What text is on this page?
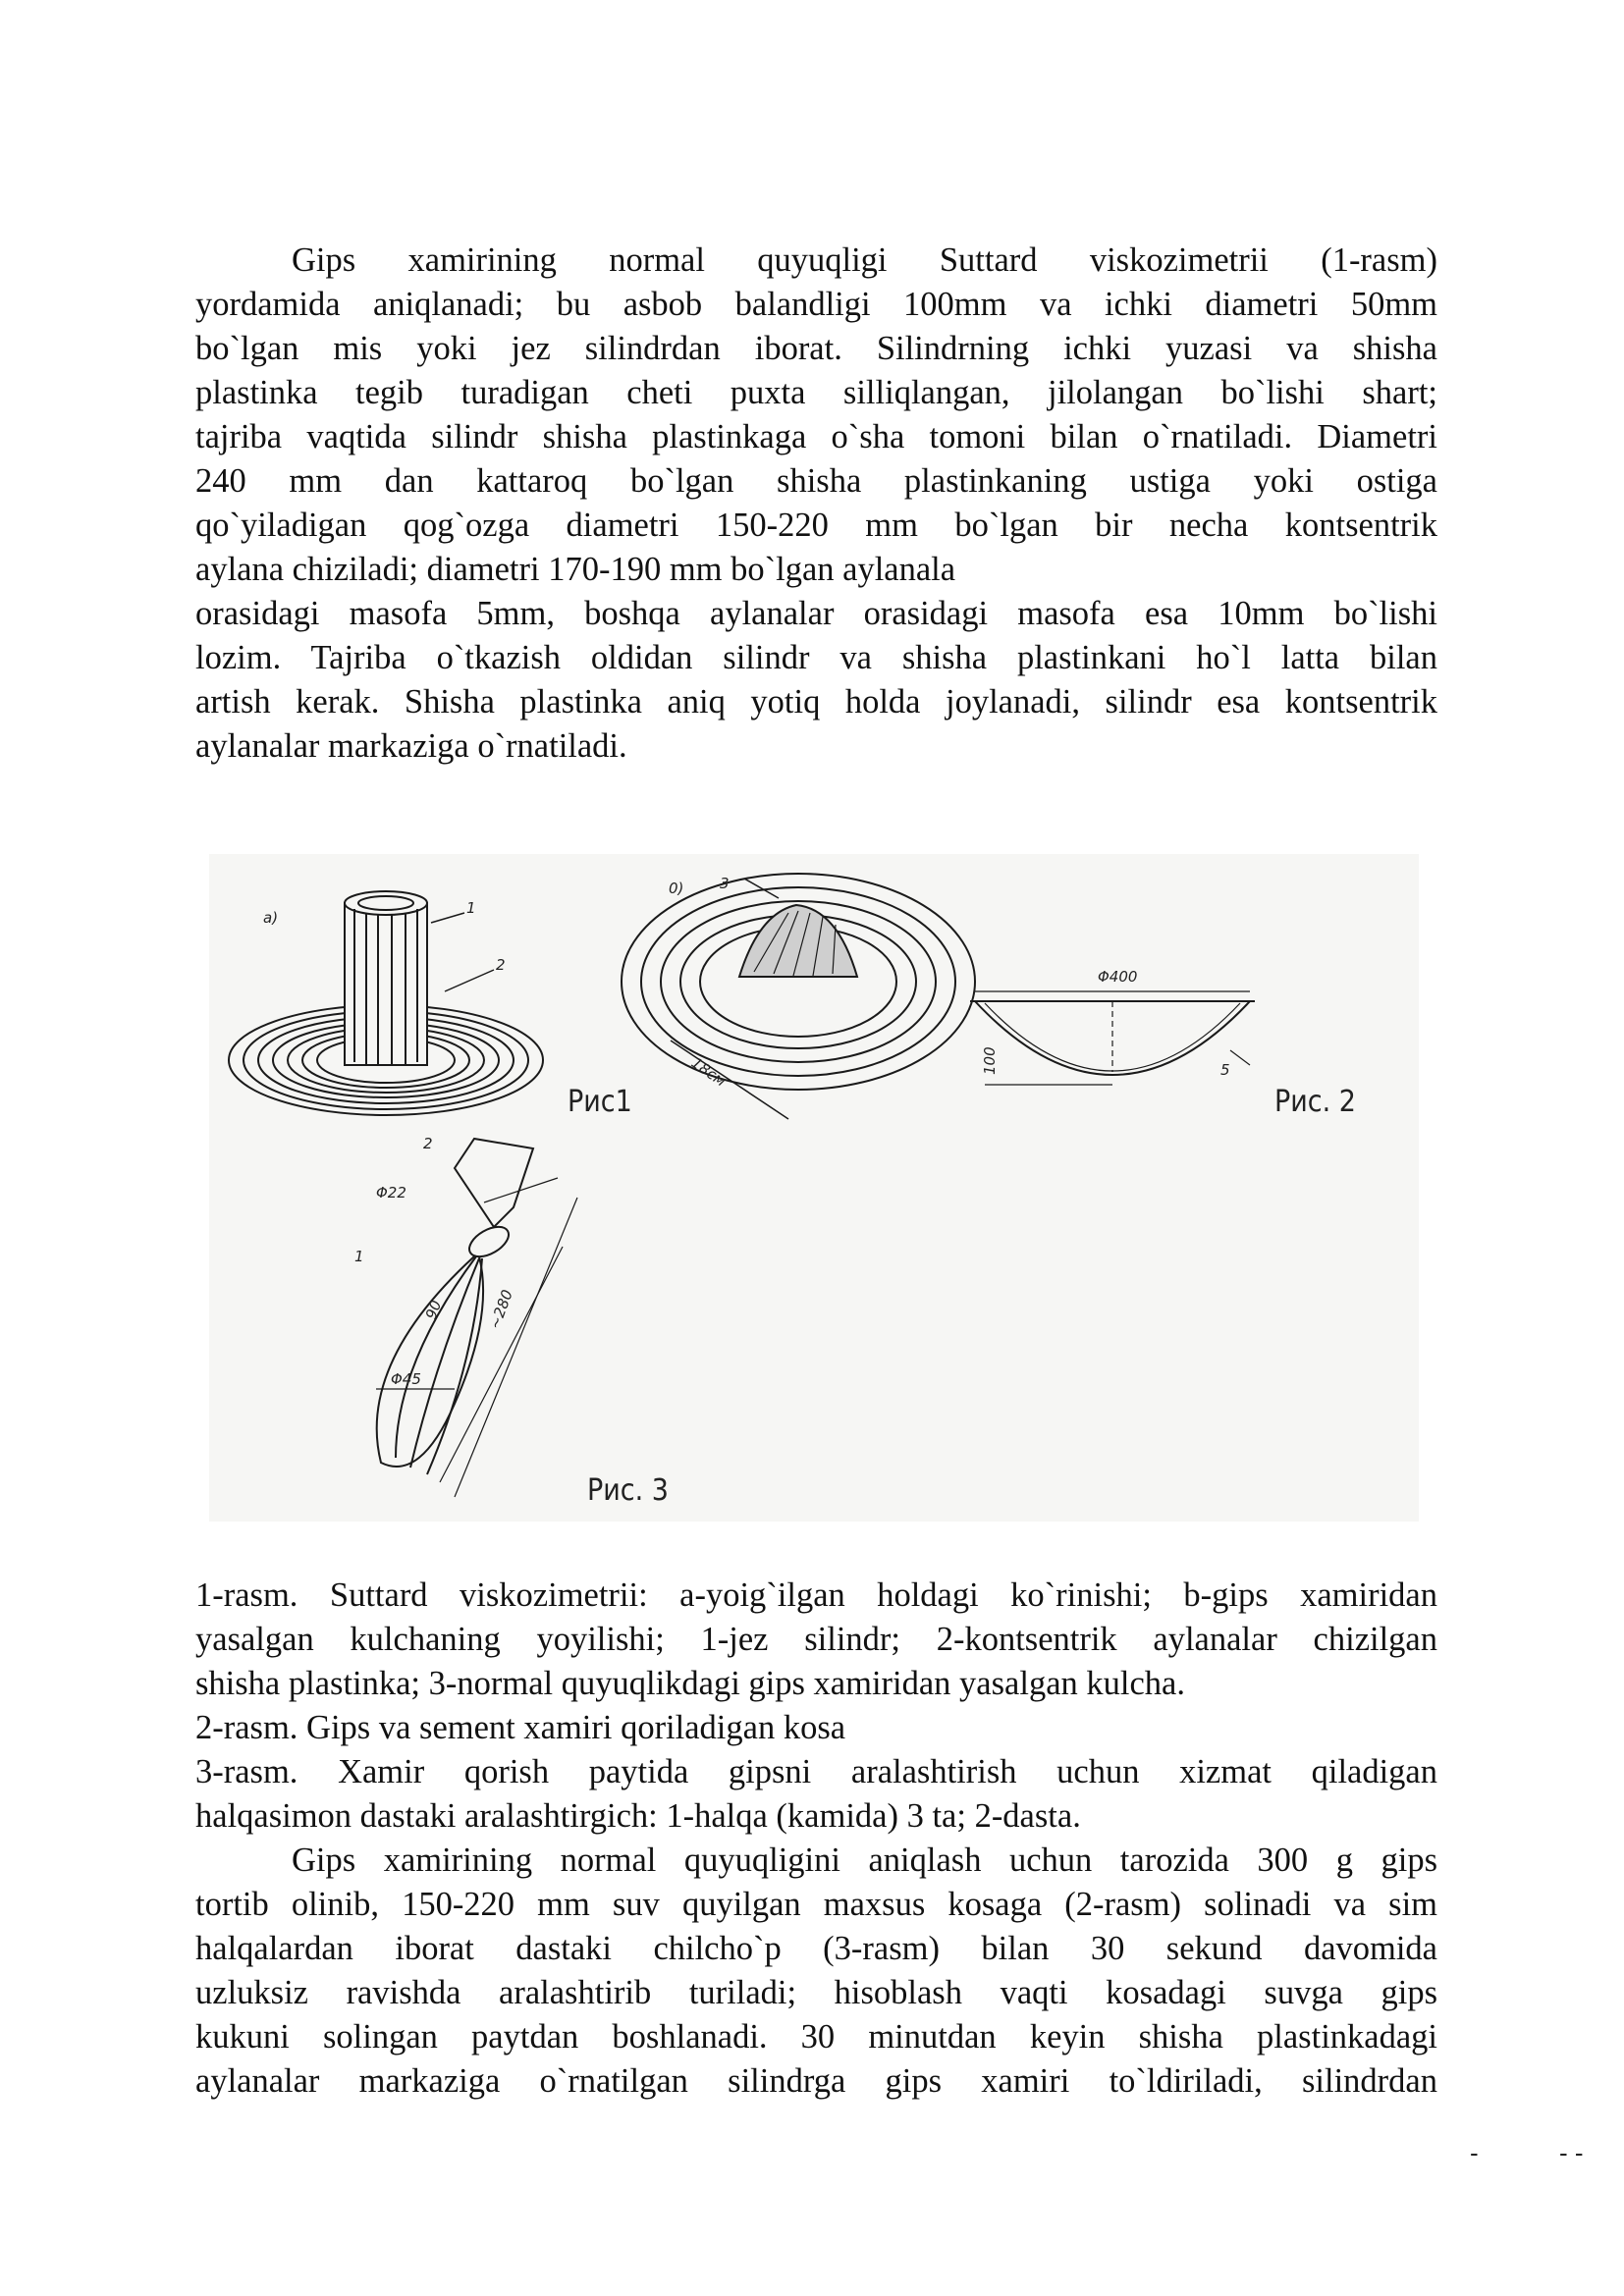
Gips xamirining normal quyuqligi Suttard viskozimetrii (1-rasm)

yordamida aniqlanadi; bu asbob balandligi 100mm va ichki diametri 50mm

bo`lgan mis yoki jez silindrdan iborat. Silindrning ichki yuzasi va shisha

plastinka tegib turadigan cheti puxta silliqlangan, jilolangan bo`lishi shart;

tajriba vaqtida silindr shisha plastinkaga o`sha tomoni bilan o`rnatiladi. Diametri

240 mm dan kattaroq bo`lgan shisha plastinkaning ustiga yoki ostiga

qo`yiladigan qog`ozga diametri 150-220 mm bo`lgan bir necha kontsentrik

aylana chiziladi; diametri 170-190 mm bo`lgan aylanala

orasidagi masofa 5mm, boshqa aylanalar orasidagi masofa esa 10mm bo`lishi

lozim. Tajriba o`tkazish oldidan silindr va shisha plastinkani ho`l latta bilan

artish kerak. Shisha plastinka aniq yotiq holda joylanadi, silindr esa kontsentrik

aylanalar markaziga o`rnatiladi.

a)
1
2
0) 3
18см
Φ400
100	5
Φ22
Φ45
2
1
90	~280
Рис1	Рис. 2
Рис. 3

1-rasm. Suttard viskozimetrii: a-yoig`ilgan holdagi ko`rinishi; b-gips xamiridan

yasalgan kulchaning yoyilishi; 1-jez silindr; 2-kontsentrik aylanalar chizilgan

shisha plastinka; 3-normal quyuqlikdagi gips xamiridan yasalgan kulcha.

2-rasm. Gips va sement xamiri qoriladigan kosa

3-rasm. Xamir qorish paytida gipsni aralashtirish uchun xizmat qiladigan

halqasimon dastaki aralashtirgich: 1-halqa (kamida) 3 ta; 2-dasta.

Gips xamirining normal quyuqligini aniqlash uchun tarozida 300 g gips

tortib olinib, 150-220 mm suv quyilgan maxsus kosaga (2-rasm) solinadi va sim

halqalardan iborat dastaki chilcho`p (3-rasm) bilan 30 sekund davomida

uzluksiz ravishda aralashtirib turiladi; hisoblash vaqti kosadagi suvga gips

kukuni solingan paytdan boshlanadi. 30 minutdan keyin shisha plastinkadagi

aylanalar markaziga o`rnatilgan silindrga gips xamiri to`ldiriladi, silindrdan

-	- -
